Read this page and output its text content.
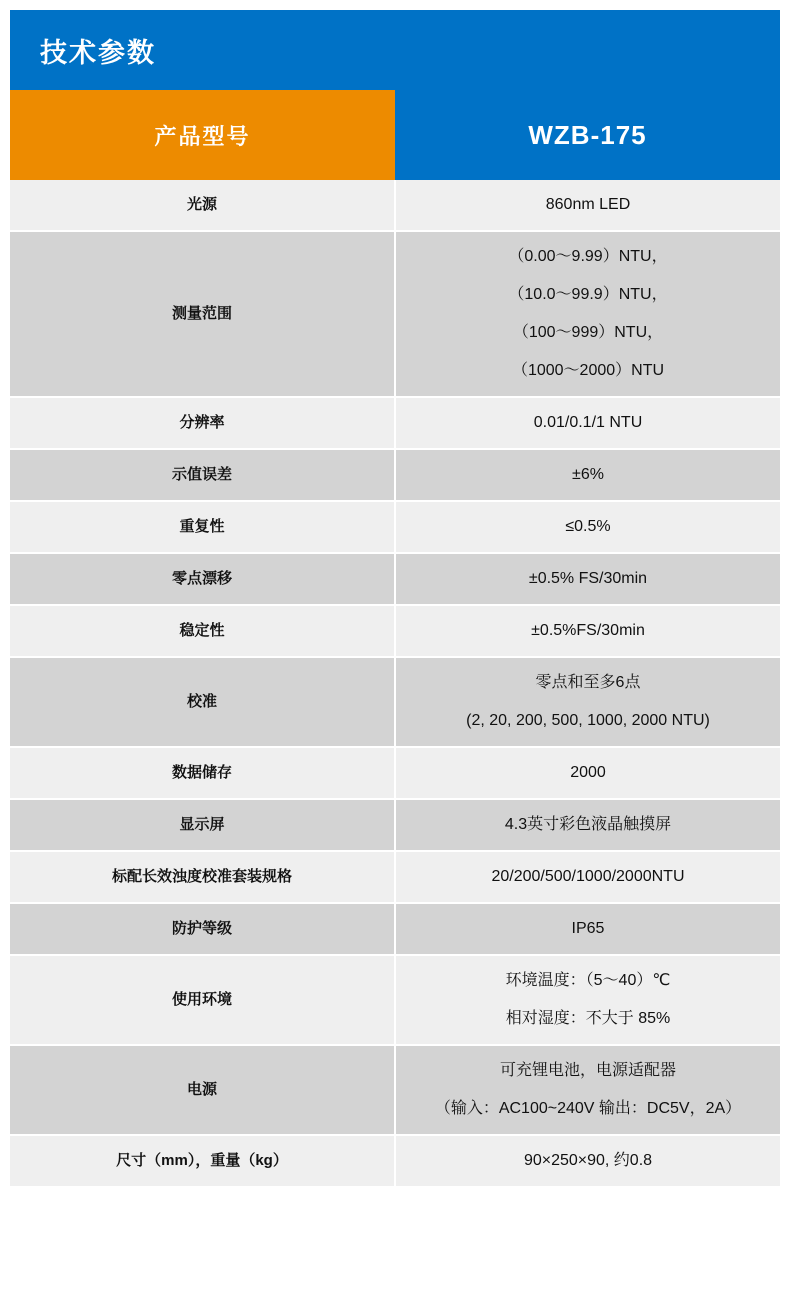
技术参数	
产品型号	WZB-175
光源	860nm LED

测量范围	（0.00～9.99）NTU，
（10.0～99.9）NTU，
（100～999）NTU，
（1000～2000）NTU

分辨率	0.01/0.1/1 NTU

示值误差	±6%

重复性	≤0.5%

零点漂移	±0.5% FS/30min

稳定性	±0.5%FS/30min

校准	零点和至多6点
(2, 20, 200, 500, 1000, 2000 NTU)

数据储存	2000

显示屏	4.3英寸彩色液晶触摸屏

标配长效浊度校准套装规格	20/200/500/1000/2000NTU

防护等级	IP65

使用环境	环境温度：（5～40）℃
相对湿度：不大于 85%

电源	可充锂电池，电源适配器
（输入：AC100~240V 输出：DC5V，2A）

尺寸（mm），重量（kg）	90×250×90, 约0.8
